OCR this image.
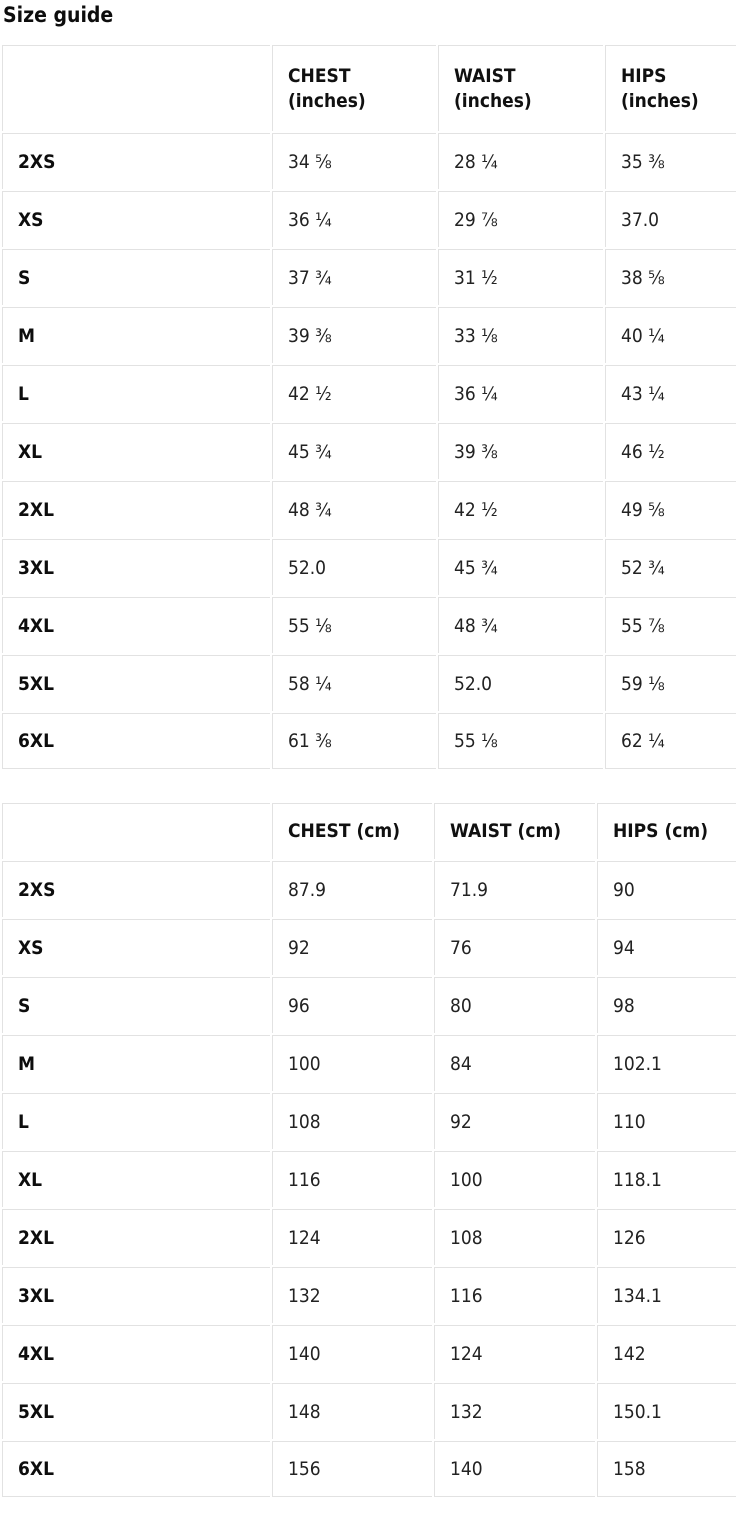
Size guide
	CHEST (inches)	WAIST (inches)	HIPS (inches)
2XS	34 ⅝	28 ¼	35 ⅜
XS	36 ¼	29 ⅞	37.0
S	37 ¾	31 ½	38 ⅝
M	39 ⅜	33 ⅛	40 ¼
L	42 ½	36 ¼	43 ¼
XL	45 ¾	39 ⅜	46 ½
2XL	48 ¾	42 ½	49 ⅝
3XL	52.0	45 ¾	52 ¾
4XL	55 ⅛	48 ¾	55 ⅞
5XL	58 ¼	52.0	59 ⅛
6XL	61 ⅜	55 ⅛	62 ¼
	CHEST (cm)	WAIST (cm)	HIPS (cm)
2XS	87.9	71.9	90
XS	92	76	94
S	96	80	98
M	100	84	102.1
L	108	92	110
XL	116	100	118.1
2XL	124	108	126
3XL	132	116	134.1
4XL	140	124	142
5XL	148	132	150.1
6XL	156	140	158
